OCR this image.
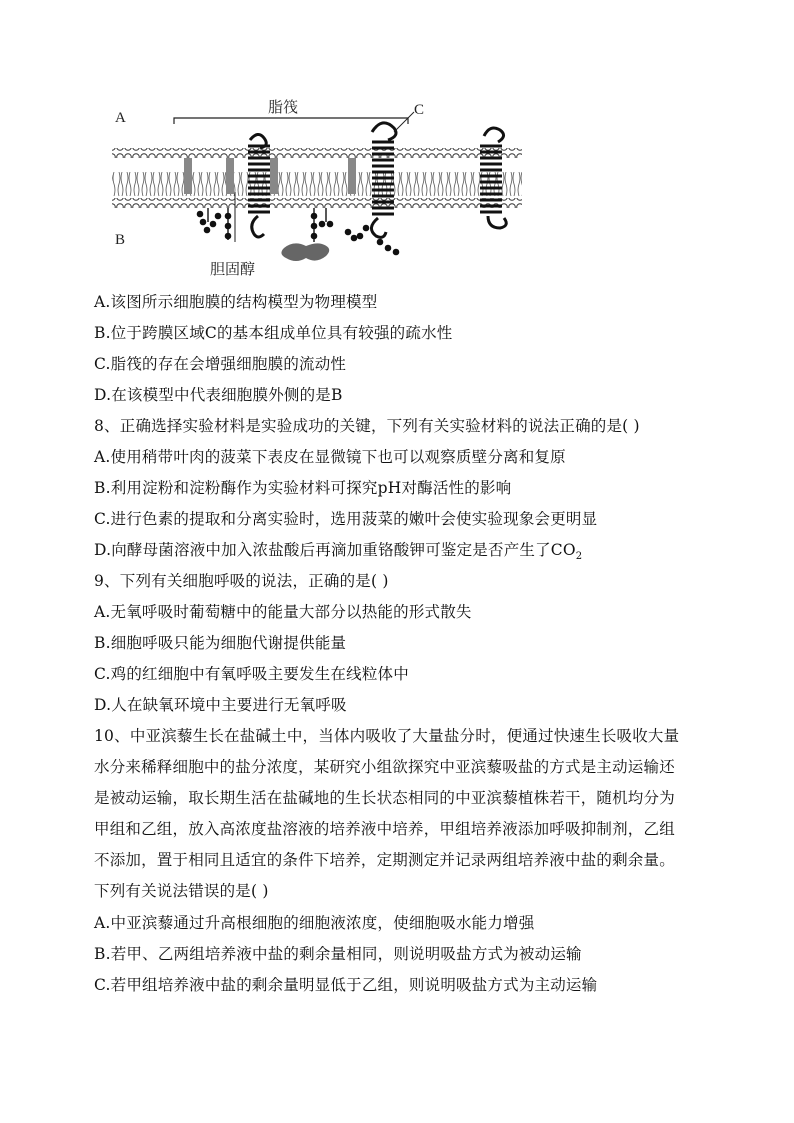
A
B
C
脂筏
胆固醇
A.该图所示细胞膜的结构模型为物理模型
B.位于跨膜区域C的基本组成单位具有较强的疏水性
C.脂筏的存在会增强细胞膜的流动性
D.在该模型中代表细胞膜外侧的是B
8、正确选择实验材料是实验成功的关键，下列有关实验材料的说法正确的是( )
A.使用稍带叶肉的菠菜下表皮在显微镜下也可以观察质壁分离和复原
B.利用淀粉和淀粉酶作为实验材料可探究pH对酶活性的影响
C.进行色素的提取和分离实验时，选用菠菜的嫩叶会使实验现象会更明显
D.向酵母菌溶液中加入浓盐酸后再滴加重铬酸钾可鉴定是否产生了$CO_2$
9、下列有关细胞呼吸的说法，正确的是( )
A.无氧呼吸时葡萄糖中的能量大部分以热能的形式散失
B.细胞呼吸只能为细胞代谢提供能量
C.鸡的红细胞中有氧呼吸主要发生在线粒体中
D.人在缺氧环境中主要进行无氧呼吸
10、中亚滨藜生长在盐碱土中，当体内吸收了大量盐分时，便通过快速生长吸收大量
水分来稀释细胞中的盐分浓度，某研究小组欲探究中亚滨藜吸盐的方式是主动运输还
是被动运输，取长期生活在盐碱地的生长状态相同的中亚滨藜植株若干，随机均分为
甲组和乙组，放入高浓度盐溶液的培养液中培养，甲组培养液添加呼吸抑制剂，乙组
不添加，置于相同且适宜的条件下培养，定期测定并记录两组培养液中盐的剩余量。
下列有关说法错误的是( )
A.中亚滨藜通过升高根细胞的细胞液浓度，使细胞吸水能力增强
B.若甲、乙两组培养液中盐的剩余量相同，则说明吸盐方式为被动运输
C.若甲组培养液中盐的剩余量明显低于乙组，则说明吸盐方式为主动运输
